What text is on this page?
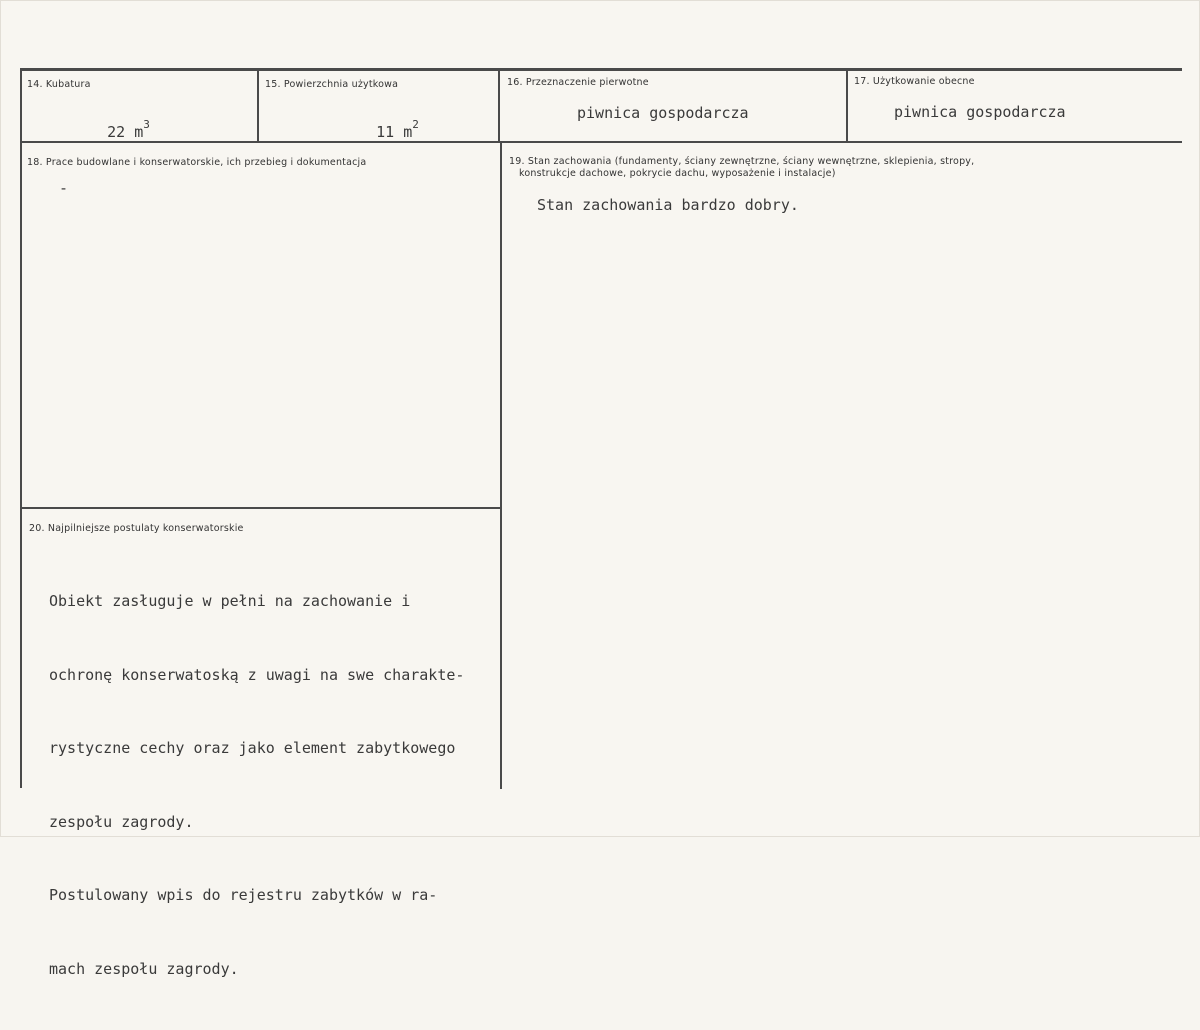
14. Kubatura

22 $m^3$

15. Powierzchnia użytkowa

11 $m^2$

16. Przeznaczenie pierwotne
piwnica gospodarcza
17. Użytkowanie obecne
piwnica gospodarcza
18. Prace budowlane i konserwatorskie, ich przebieg i dokumentacja
-
19. Stan zachowania (fundamenty, ściany zewnętrzne, ściany wewnętrzne, sklepienia, stropy,
konstrukcje dachowe, pokrycie dachu, wyposażenie i instalacje)
Stan zachowania bardzo dobry.
20. Najpilniejsze postulaty konserwatorskie

Obiekt zasługuje w pełni na zachowanie i

ochronę konserwatoską z uwagi na swe charakte-

rystyczne cechy oraz jako element zabytkowego

zespołu zagrody.

Postulowany wpis do rejestru zabytków w ra-

mach zespołu zagrody.
